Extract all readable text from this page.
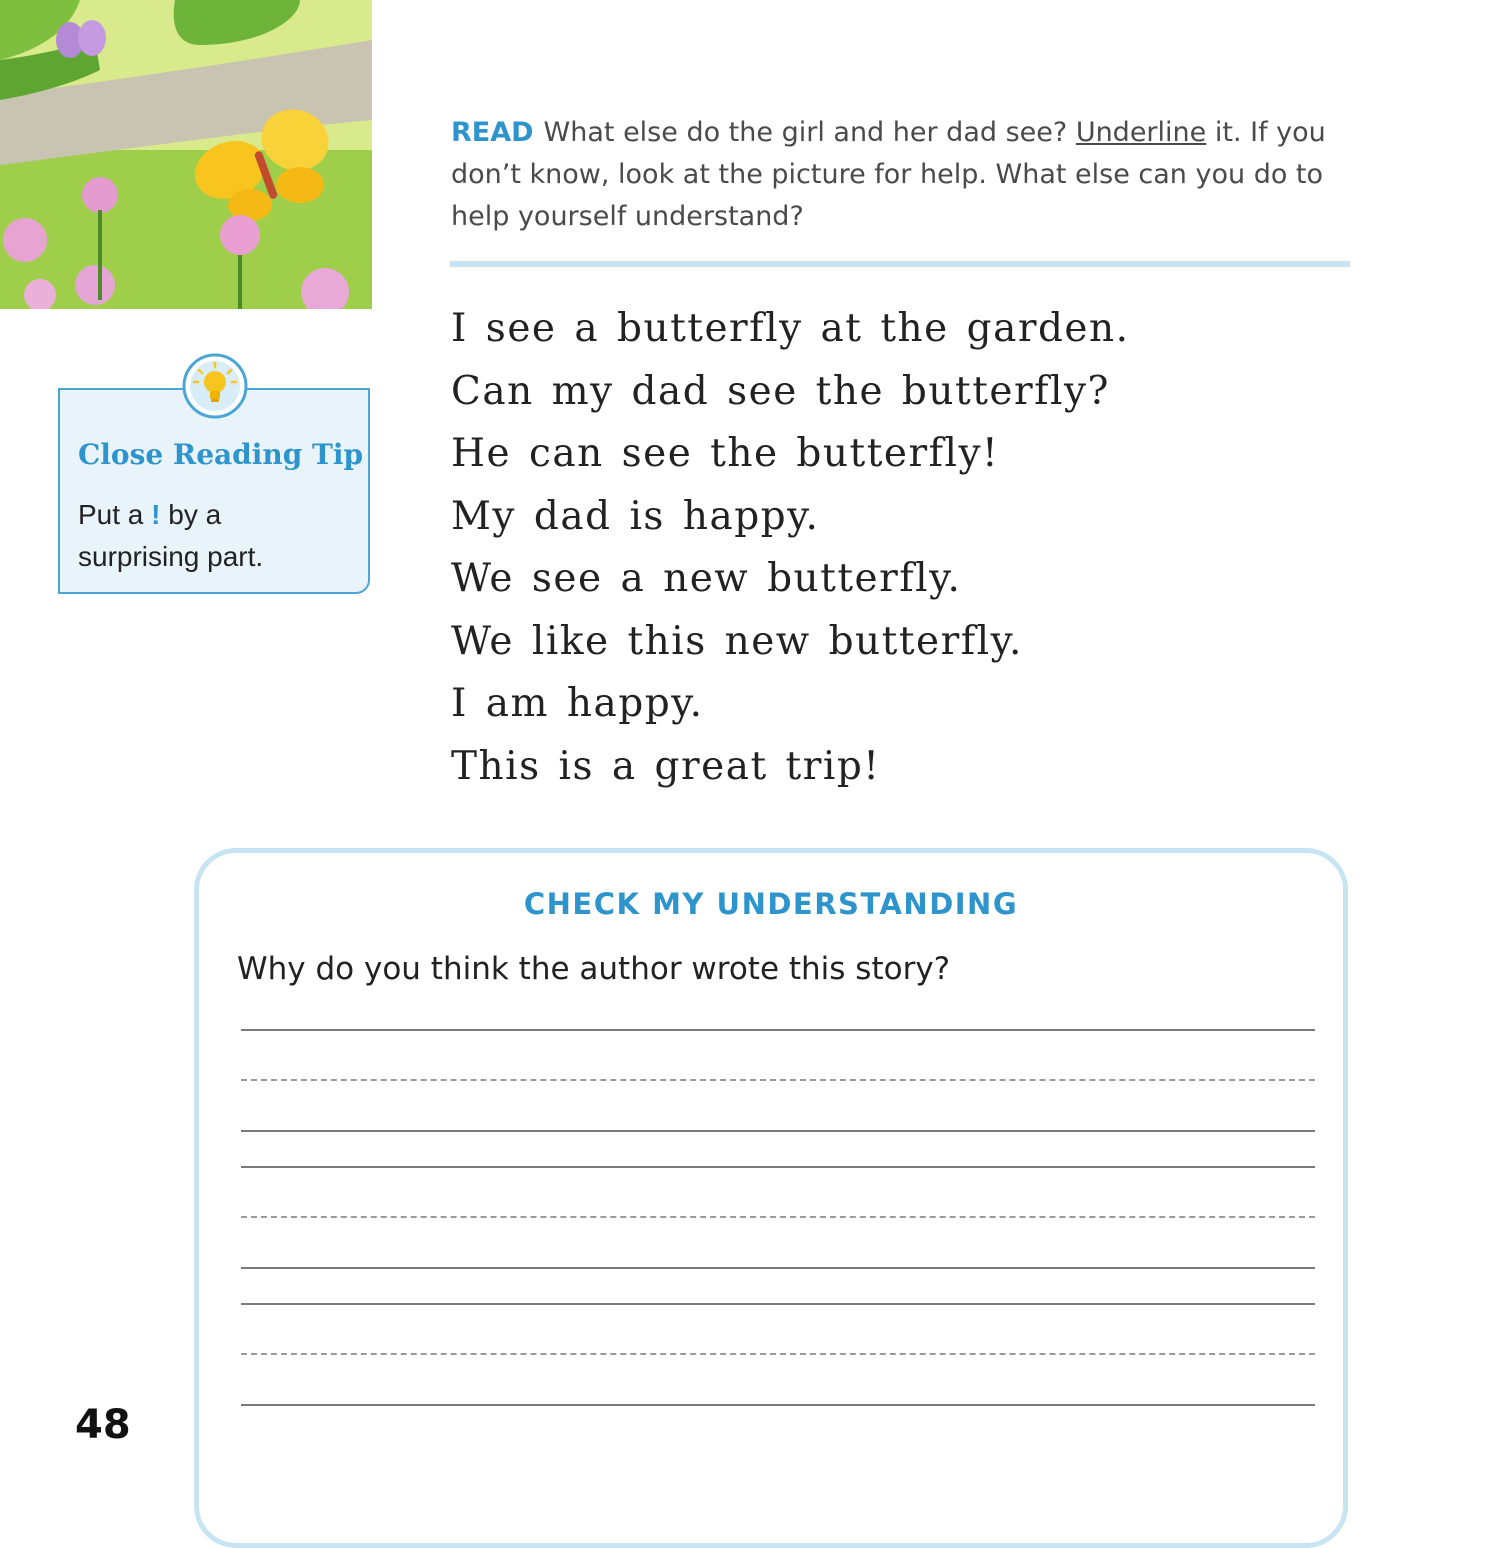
Close Reading Tip
Put a ! by a
surprising part.
READ What else do the girl and her dad see? Underline it. If you don’t know, look at the picture for help. What else can you do to help yourself understand?
I see a butterfly at the garden.
Can my dad see the butterfly?
He can see the butterfly!
My dad is happy.
We see a new butterfly.
We like this new butterfly.
I am happy.
This is a great trip!
CHECK MY UNDERSTANDING
Why do you think the author wrote this story?
48
